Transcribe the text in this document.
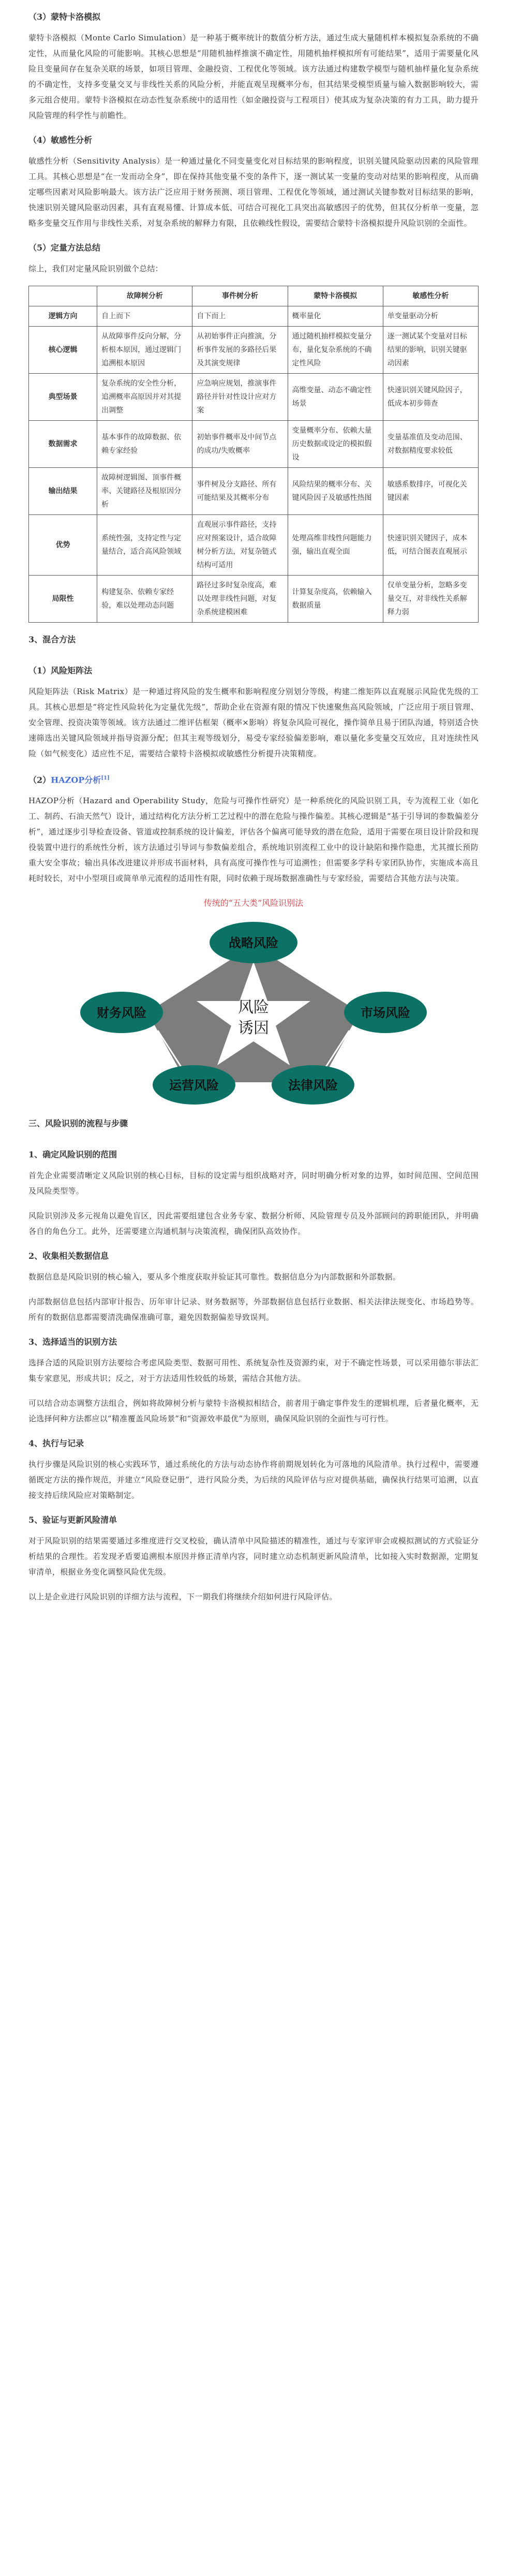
（3）蒙特卡洛模拟

蒙特卡洛模拟（Monte Carlo Simulation）是一种基于概率统计的数值分析方法，通过生成大量随机样本模拟复杂系统的不确定性，从而量化风险的可能影响。其核心思想是“用随机抽样推演不确定性，用随机抽样模拟所有可能结果”，适用于需要量化风险且变量间存在复杂关联的场景，如项目管理、金融投资、工程优化等领域。该方法通过构建数学模型与随机抽样量化复杂系统的不确定性，支持多变量交叉与非线性关系的风险分析，并能直观呈现概率分布，但其结果受模型质量与输入数据影响较大，需多元组合使用。蒙特卡洛模拟在动态性复杂系统中的适用性（如金融投资与工程项目）使其成为复杂决策的有力工具，助力提升风险管理的科学性与前瞻性。

（4）敏感性分析

敏感性分析（Sensitivity Analysis）是一种通过量化不同变量变化对目标结果的影响程度，识别关键风险驱动因素的风险管理工具。其核心思想是“在一发而动全身”，即在保持其他变量不变的条件下，逐一测试某一变量的变动对结果的影响程度，从而确定哪些因素对风险影响最大。该方法广泛应用于财务预测、项目管理、工程优化等领域，通过测试关键参数对目标结果的影响，快速识别关键风险驱动因素，具有直观易懂、计算成本低、可结合可视化工具突出高敏感因子的优势，但其仅分析单一变量，忽略多变量交互作用与非线性关系，对复杂系统的解释力有限，且依赖线性假设，需要结合蒙特卡洛模拟提升风险识别的全面性。

（5）定量方法总结

综上，我们对定量风险识别做个总结：

	故障树分析	事件树分析	蒙特卡洛模拟	敏感性分析
逻辑方向	自上而下	自下而上	概率量化	单变量驱动分析
核心逻辑	从故障事件反向分解，分析根本原因，通过逻辑门追溯根本原因	从初始事件正向推演，分析事件发展的多路径后果及其演变规律	通过随机抽样模拟变量分布，量化复杂系统的不确定性风险	逐一测试某个变量对目标结果的影响，识别关键驱动因素
典型场景	复杂系统的安全性分析，追溯概率高原因并对其提出调整	应急响应规划，推演事件路径并针对性设计应对方案	高维变量、动态不确定性场景	快速识别关键风险因子，低成本初步筛查
数据需求	基本事件的故障数据、依赖专家经验	初始事件概率及中间节点的成功/失败概率	变量概率分布、依赖大量历史数据或设定的模拟假设	变量基准值及变动范围、对数据精度要求较低
输出结果	故障树逻辑图、顶事件概率、关键路径及根原因分析	事件树及分支路径、所有可能结果及其概率分布	风险结果的概率分布、关键风险因子及敏感性热图	敏感系数排序，可视化关键因素
优势	系统性强，支持定性与定量结合，适合高风险领域	直观展示事件路径，支持应对预案设计，适合故障树分析方法，对复杂链式结构可适用	处理高维非线性问题能力强，输出直观全面	快速识别关键因子，成本低，可结合图表直观展示
局限性	构建复杂、依赖专家经验，难以处理动态问题	路径过多时复杂度高，难以处理非线性问题，对复杂系统建模困难	计算复杂度高，依赖输入数据质量	仅单变量分析，忽略多变量交互，对非线性关系解释力弱
3、混合方法
（1）风险矩阵法

风险矩阵法（Risk Matrix）是一种通过将风险的发生概率和影响程度分别划分等级，构建二维矩阵以直观展示风险优先级的工具。其核心思想是“将定性风险转化为定量优先级”，帮助企业在资源有限的情况下快速聚焦高风险领域，广泛应用于项目管理、安全管理、投资决策等领域。该方法通过二维评估框架（概率×影响）将复杂风险可视化，操作简单且易于团队沟通，特别适合快速筛选出关键风险领域并指导资源分配；但其主观等级划分，易受专家经验偏差影响，难以量化多变量交互效应，且对连续性风险（如气候变化）适应性不足，需要结合蒙特卡洛模拟或敏感性分析提升决策精度。

（2）HAZOP分析[1]

HAZOP分析（Hazard and Operability Study，危险与可操作性研究）是一种系统化的风险识别工具，专为流程工业（如化工、制药、石油天然气）设计，通过结构化方法分析工艺过程中的潜在危险与操作偏差。其核心逻辑是“基于引导词的参数偏差分析”，通过逐步引导检查设备、管道或控制系统的设计偏差，评估各个偏离可能导致的潜在危险，适用于需要在项目设计阶段和现役装置中进行的系统性分析，该方法通过引导词与参数偏差组合，系统地识别流程工业中的设计缺陷和操作隐患，尤其擅长预防重大安全事故；输出具体改进建议并形成书面材料，具有高度可操作性与可追溯性；但需要多学科专家团队协作，实施成本高且耗时较长，对中小型项目或简单单元流程的适用性有限，同时依赖于现场数据准确性与专家经验，需要结合其他方法与决策。

传统的“五大类”风险识别法
风险
诱因
战略风险
市场风险
法律风险
运营风险
财务风险
三、风险识别的流程与步骤
1、确定风险识别的范围

首先企业需要清晰定义风险识别的核心目标，目标的设定需与组织战略对齐，同时明确分析对象的边界，如时间范围、空间范围及风险类型等。

风险识别涉及多元视角以避免盲区，因此需要组建包含业务专家、数据分析师、风险管理专员及外部顾问的跨职能团队，并明确各自的角色分工。此外，还需要建立沟通机制与决策流程，确保团队高效协作。

2、收集相关数据信息

数据信息是风险识别的核心输入，要从多个维度获取并验证其可靠性。数据信息分为内部数据和外部数据。

内部数据信息包括内部审计报告、历年审计记录、财务数据等，外部数据信息包括行业数据、相关法律法规变化、市场趋势等。所有的数据信息都需要清洗确保准确可靠，避免因数据偏差导致误判。

3、选择适当的识别方法

选择合适的风险识别方法要综合考虑风险类型、数据可用性、系统复杂性及资源约束，对于不确定性场景，可以采用德尔菲法汇集专家意见，形成共识；反之，对于方法适用性较低的场景，需结合其他方法。

可以结合动态调整方法组合，例如将故障树分析与蒙特卡洛模拟相结合，前者用于确定事件发生的逻辑机理，后者量化概率，无论选择何种方法都应以“精准覆盖风险场景”和“资源效率最优”为原则，确保风险识别的全面性与可行性。

4、执行与记录

执行步骤是风险识别的核心实践环节，通过系统化的方法与动态协作将前期规划转化为可落地的风险清单。执行过程中，需要遵循既定方法的操作规范，并建立“风险登记册”，进行风险分类，为后续的风险评估与应对提供基础，确保执行结果可追溯，以直接支持后续风险应对策略制定。

5、验证与更新风险清单

对于风险识别的结果需要通过多维度进行交叉校验，确认清单中风险描述的精准性，通过与专家评审会或模拟测试的方式验证分析结果的合理性。若发现矛盾要追溯根本原因并修正清单内容，同时建立动态机制更新风险清单，比如接入实时数据源，定期复审清单，根据业务变化调整风险优先级。

以上是企业进行风险识别的详细方法与流程，下一期我们将继续介绍如何进行风险评估。
